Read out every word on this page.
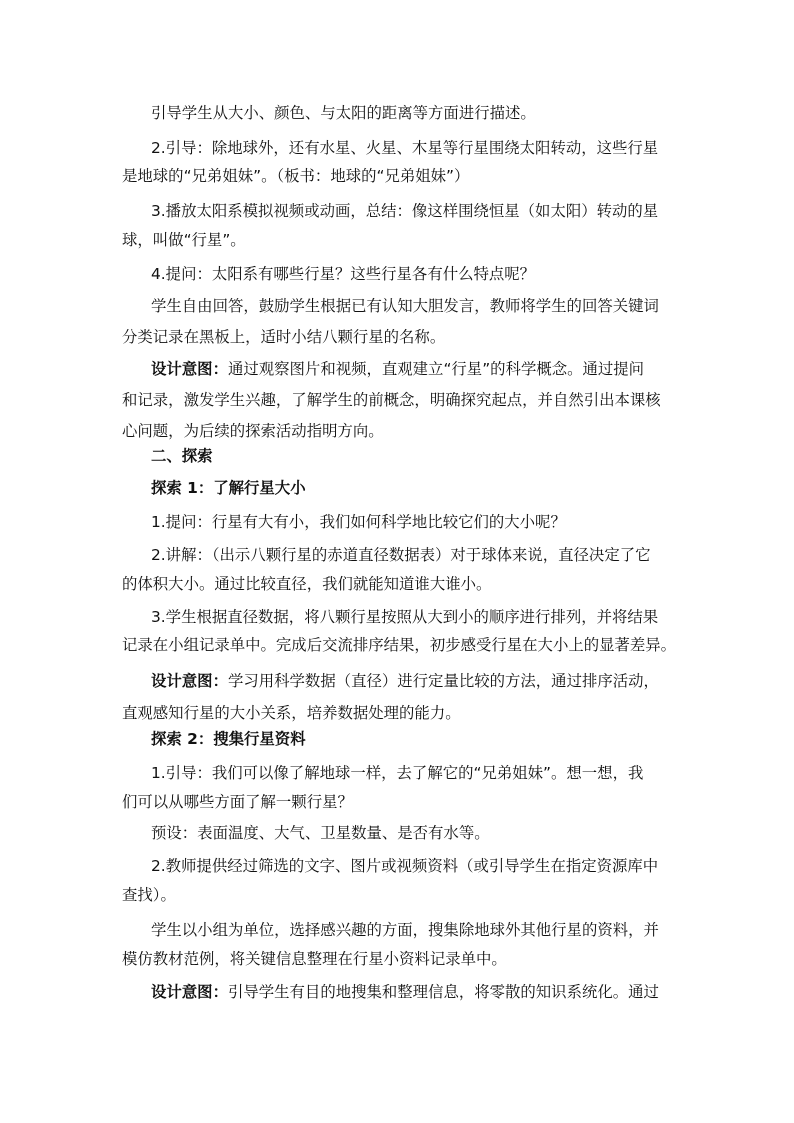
引导学生从大小、颜色、与太阳的距离等方面进行描述。
2.引导：除地球外，还有水星、火星、木星等行星围绕太阳转动，这些行星
是地球的“兄弟姐妹”。（板书：地球的“兄弟姐妹”）
3.播放太阳系模拟视频或动画，总结：像这样围绕恒星（如太阳）转动的星
球，叫做“行星”。
4.提问：太阳系有哪些行星？这些行星各有什么特点呢？
学生自由回答，鼓励学生根据已有认知大胆发言，教师将学生的回答关键词
分类记录在黑板上，适时小结八颗行星的名称。
设计意图：通过观察图片和视频，直观建立“行星”的科学概念。通过提问
和记录，激发学生兴趣，了解学生的前概念，明确探究起点，并自然引出本课核
心问题，为后续的探索活动指明方向。
二、探索
探索 1：了解行星大小
1.提问：行星有大有小，我们如何科学地比较它们的大小呢？
2.讲解：（出示八颗行星的赤道直径数据表）对于球体来说，直径决定了它
的体积大小。通过比较直径，我们就能知道谁大谁小。
3.学生根据直径数据，将八颗行星按照从大到小的顺序进行排列，并将结果
记录在小组记录单中。完成后交流排序结果，初步感受行星在大小上的显著差异。
设计意图：学习用科学数据（直径）进行定量比较的方法，通过排序活动，
直观感知行星的大小关系，培养数据处理的能力。
探索 2：搜集行星资料
1.引导：我们可以像了解地球一样，去了解它的“兄弟姐妹”。想一想，我
们可以从哪些方面了解一颗行星？
预设：表面温度、大气、卫星数量、是否有水等。
2.教师提供经过筛选的文字、图片或视频资料（或引导学生在指定资源库中
查找）。
学生以小组为单位，选择感兴趣的方面，搜集除地球外其他行星的资料，并
模仿教材范例，将关键信息整理在行星小资料记录单中。
设计意图：引导学生有目的地搜集和整理信息，将零散的知识系统化。通过
